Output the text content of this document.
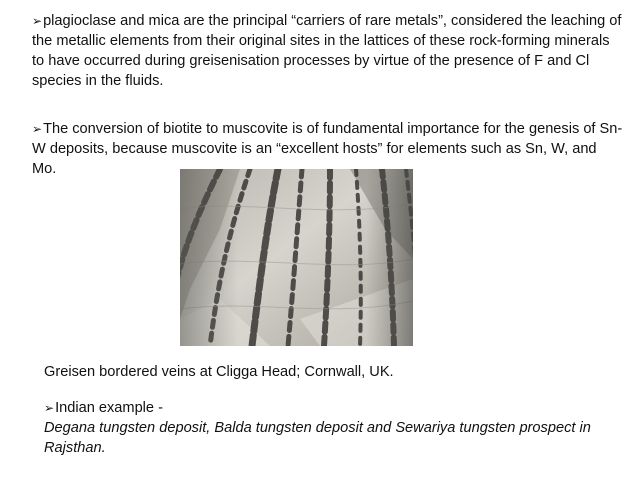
➢plagioclase and mica are the principal “carriers of rare metals”, considered the leaching of the metallic elements from their original sites in the lattices of these rock-forming minerals to have occurred during greisenisation processes by virtue of the presence of F and Cl species in the fluids.
➢The conversion of biotite to muscovite is of fundamental importance for the genesis of Sn-W deposits, because muscovite is an “excellent hosts” for elements such as Sn, W, and Mo.
Greisen bordered veins at Cligga Head; Cornwall, UK.
➢Indian example -
Degana tungsten deposit, Balda tungsten deposit and Sewariya tungsten prospect in Rajsthan.
